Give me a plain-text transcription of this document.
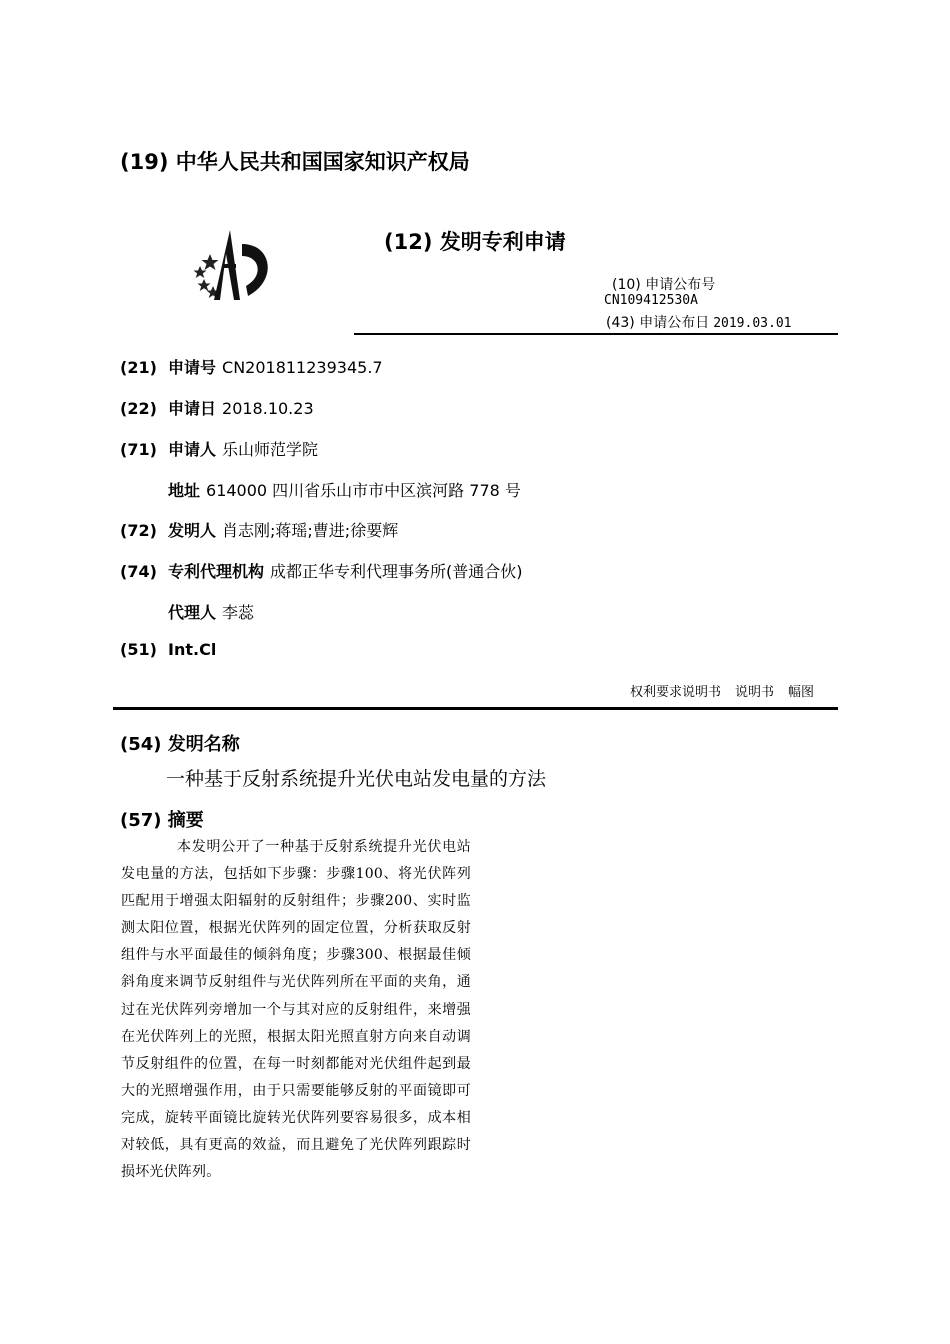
(19) 中华人民共和国国家知识产权局
(12) 发明专利申请
(10) 申请公布号
CN109412530A
(43) 申请公布日 2019.03.01
(21) 申请号 CN201811239345.7
(22) 申请日 2018.10.23
(71) 申请人 乐山师范学院
地址 614000 四川省乐山市市中区滨河路 778 号
(72) 发明人 肖志刚;蒋瑶;曹进;徐要辉
(74) 专利代理机构 成都正华专利代理事务所(普通合伙)
代理人 李蕊
(51) Int.Cl
权利要求说明书 说明书 幅图
(54) 发明名称
一种基于反射系统提升光伏电站发电量的方法
(57) 摘要
本发明公开了一种基于反射系统提升光伏电站发电量的方法，包括如下步骤：步骤100、将光伏阵列匹配用于增强太阳辐射的反射组件；步骤200、实时监测太阳位置，根据光伏阵列的固定位置，分析获取反射组件与水平面最佳的倾斜角度；步骤300、根据最佳倾斜角度来调节反射组件与光伏阵列所在平面的夹角，通过在光伏阵列旁增加一个与其对应的反射组件，来增强在光伏阵列上的光照，根据太阳光照直射方向来自动调节反射组件的位置，在每一时刻都能对光伏组件起到最大的光照增强作用，由于只需要能够反射的平面镜即可完成，旋转平面镜比旋转光伏阵列要容易很多，成本相对较低，具有更高的效益，而且避免了光伏阵列跟踪时损坏光伏阵列。
